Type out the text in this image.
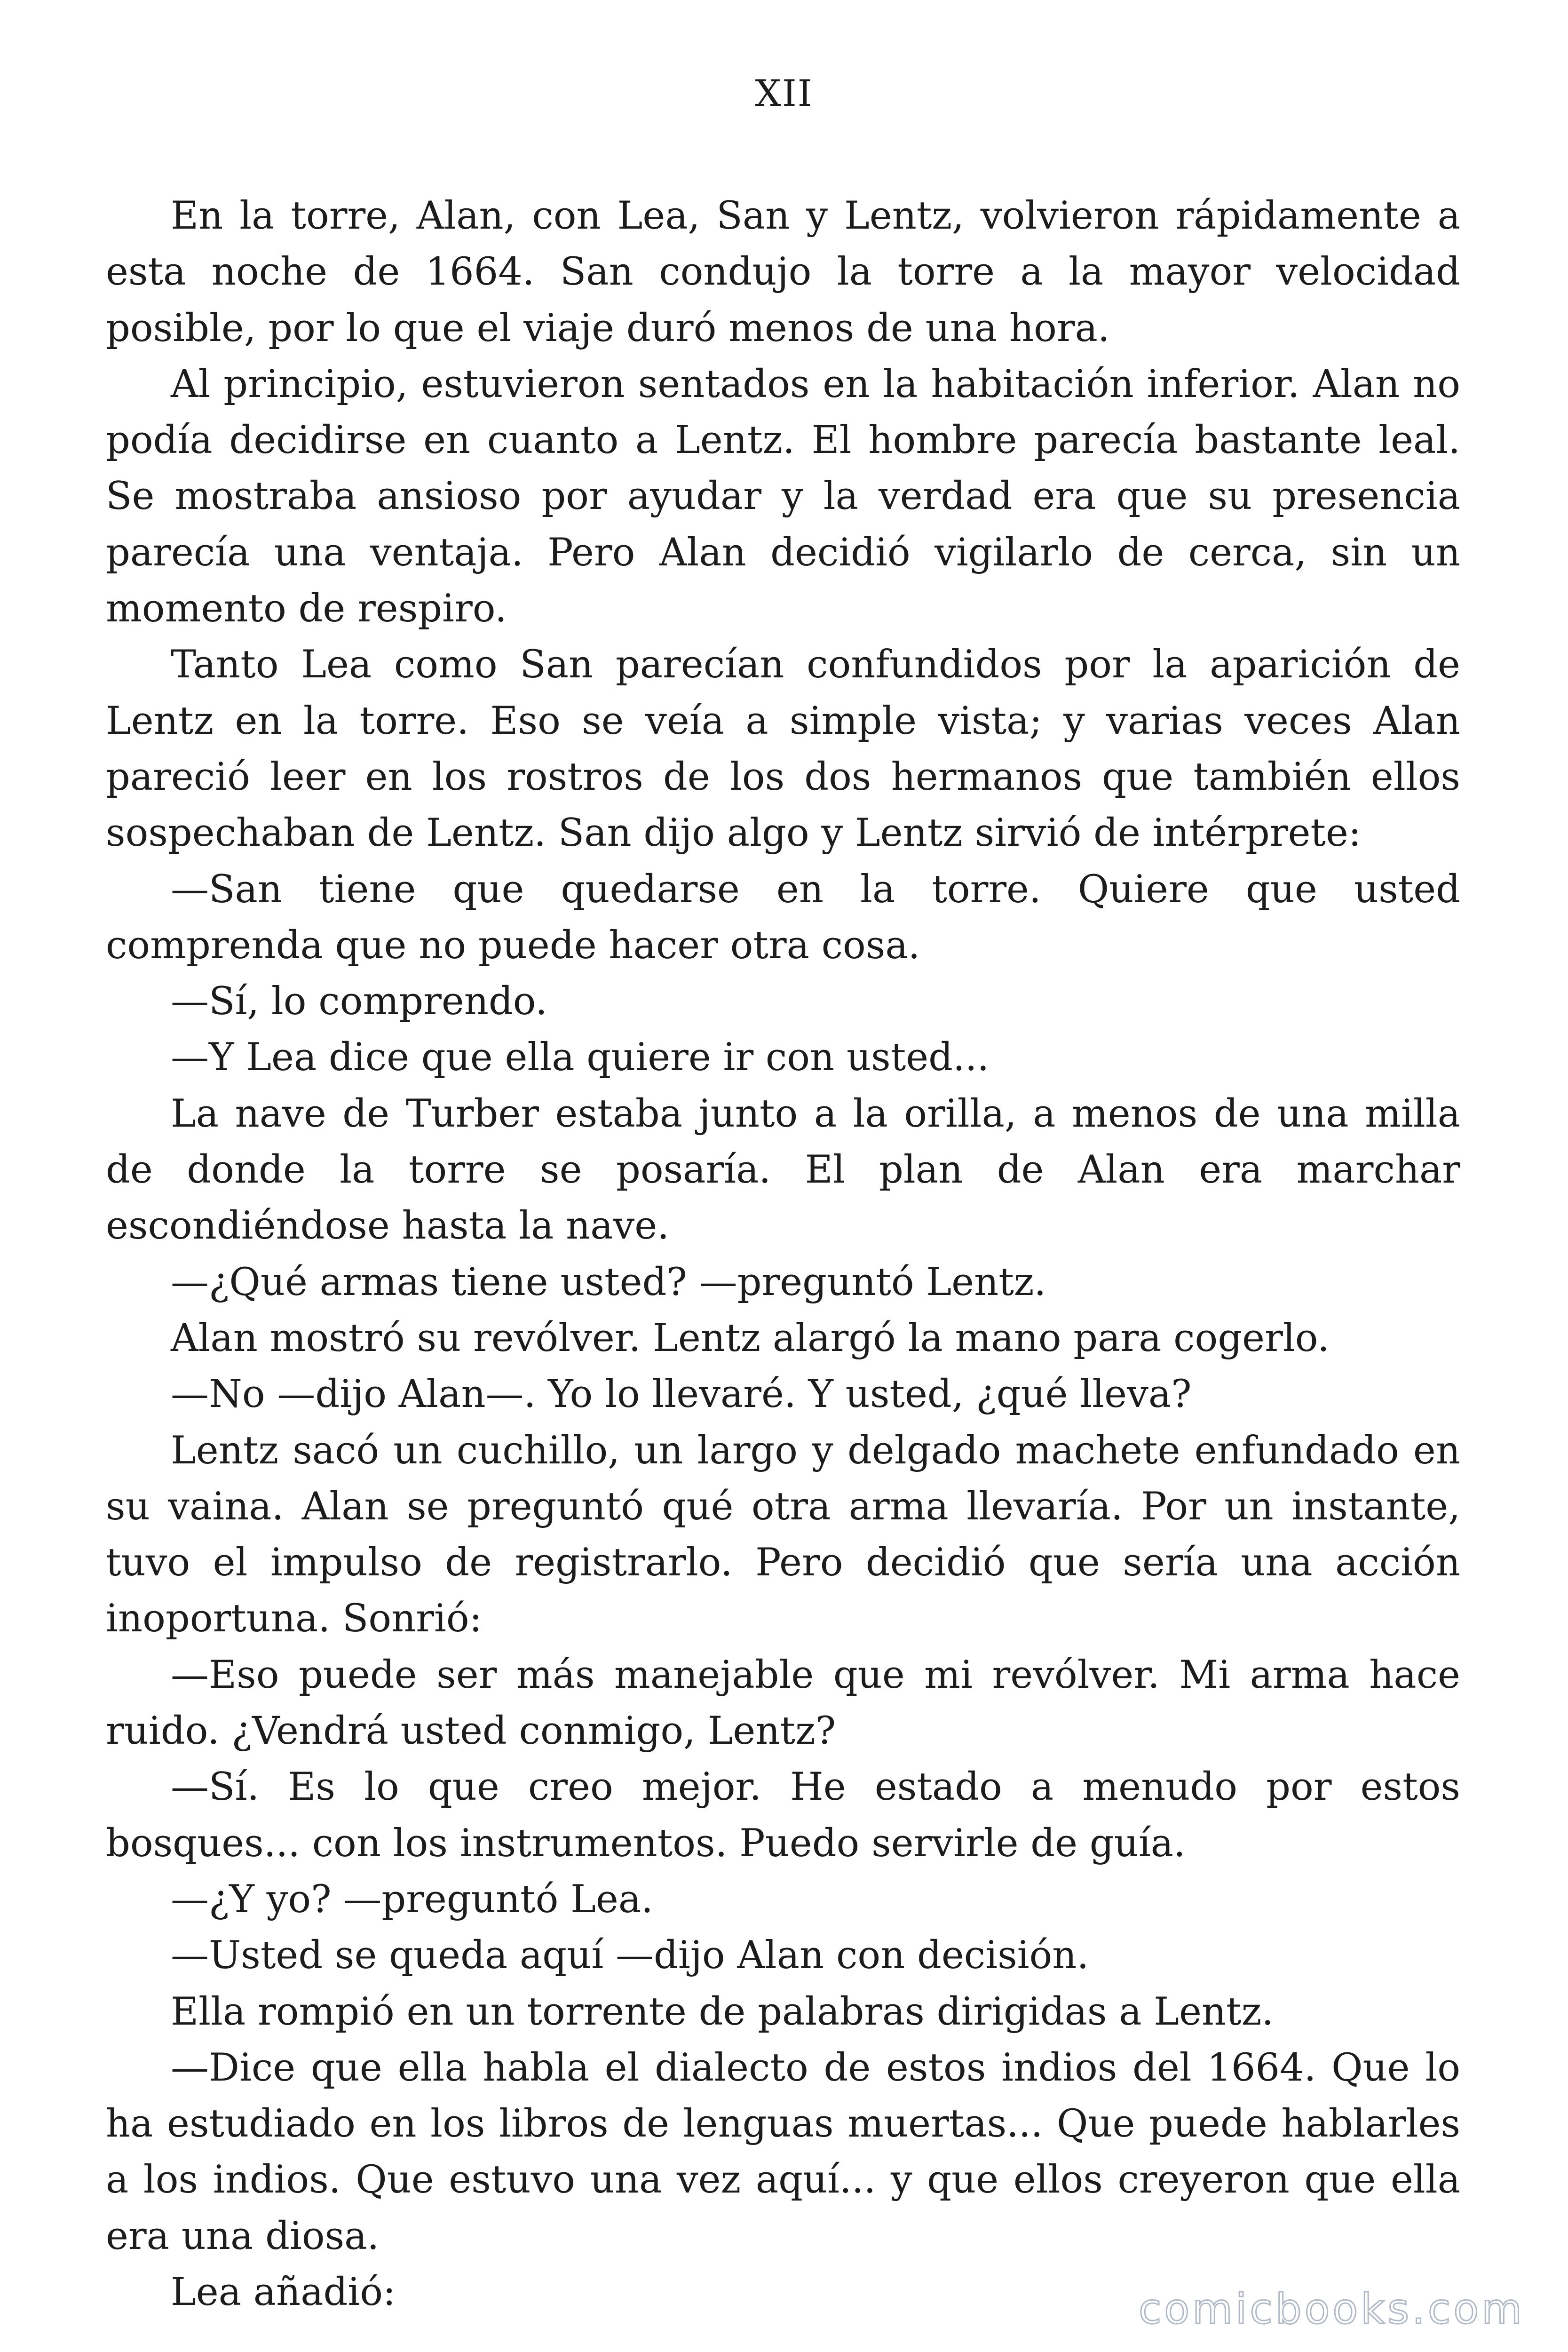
XII

En la torre, Alan, con Lea, San y Lentz, volvieron rápidamente a esta noche de 1664. San condujo la torre a la mayor velocidad posible, por lo que el viaje duró menos de una hora.

Al principio, estuvieron sentados en la habitación inferior. Alan no podía decidirse en cuanto a Lentz. El hombre parecía bastante leal. Se mostraba ansioso por ayudar y la verdad era que su presencia parecía una ventaja. Pero Alan decidió vigilarlo de cerca, sin un momento de respiro.

Tanto Lea como San parecían confundidos por la aparición de Lentz en la torre. Eso se veía a simple vista; y varias veces Alan pareció leer en los rostros de los dos hermanos que también ellos sospechaban de Lentz. San dijo algo y Lentz sirvió de intérprete:

—San tiene que quedarse en la torre. Quiere que usted comprenda que no puede hacer otra cosa.

—Sí, lo comprendo.

—Y Lea dice que ella quiere ir con usted...

La nave de Turber estaba junto a la orilla, a menos de una milla de donde la torre se posaría. El plan de Alan era marchar escondiéndose hasta la nave.

—¿Qué armas tiene usted? —preguntó Lentz.

Alan mostró su revólver. Lentz alargó la mano para cogerlo.

—No —dijo Alan—. Yo lo llevaré. Y usted, ¿qué lleva?

Lentz sacó un cuchillo, un largo y delgado machete enfundado en su vaina. Alan se preguntó qué otra arma llevaría. Por un instante, tuvo el impulso de registrarlo. Pero decidió que sería una acción inoportuna. Sonrió:

—Eso puede ser más manejable que mi revólver. Mi arma hace ruido. ¿Vendrá usted conmigo, Lentz?

—Sí. Es lo que creo mejor. He estado a menudo por estos bosques... con los instrumentos. Puedo servirle de guía.

—¿Y yo? —preguntó Lea.

—Usted se queda aquí —dijo Alan con decisión.

Ella rompió en un torrente de palabras dirigidas a Lentz.

—Dice que ella habla el dialecto de estos indios del 1664. Que lo ha estudiado en los libros de lenguas muertas... Que puede hablarles a los indios. Que estuvo una vez aquí... y que ellos creyeron que ella era una diosa.

Lea añadió:	comicbooks.com
